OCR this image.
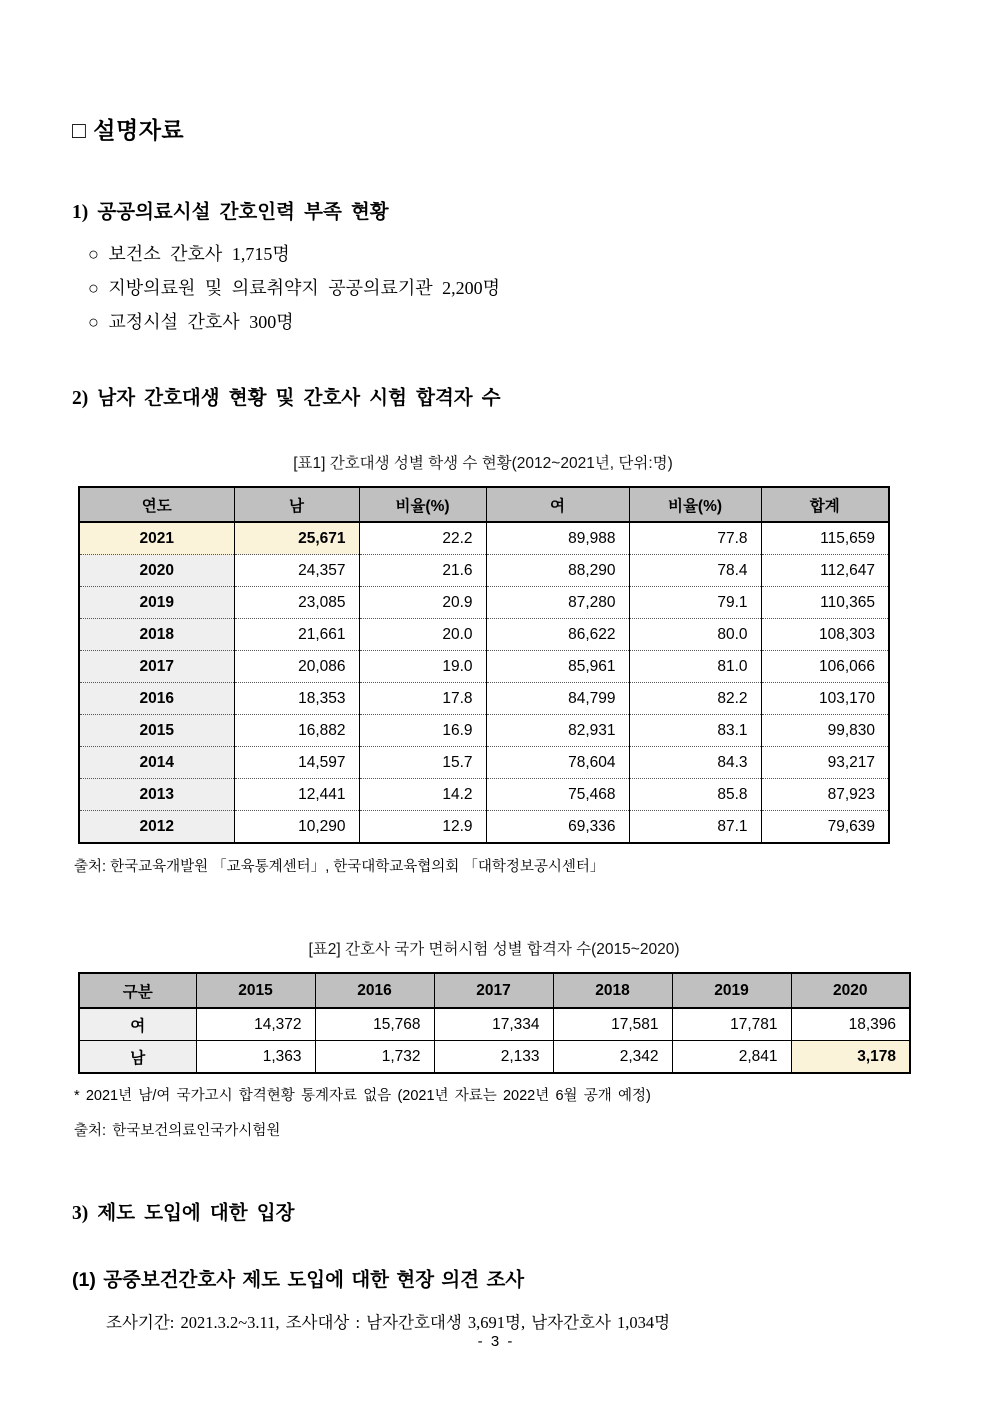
□ 설명자료
1) 공공의료시설 간호인력 부족 현황
○ 보건소 간호사 1,715명
○ 지방의료원 및 의료취약지 공공의료기관 2,200명
○ 교정시설 간호사 300명
2) 남자 간호대생 현황 및 간호사 시험 합격자 수
[표1] 간호대생 성별 학생 수 현황(2012~2021년, 단위:명)
연도	남	비율(%)	여	비율(%)	합계
2021	25,671	22.2	89,988	77.8	115,659
2020	24,357	21.6	88,290	78.4	112,647
2019	23,085	20.9	87,280	79.1	110,365
2018	21,661	20.0	86,622	80.0	108,303
2017	20,086	19.0	85,961	81.0	106,066
2016	18,353	17.8	84,799	82.2	103,170
2015	16,882	16.9	82,931	83.1	99,830
2014	14,597	15.7	78,604	84.3	93,217
2013	12,441	14.2	75,468	85.8	87,923
2012	10,290	12.9	69,336	87.1	79,639
출처: 한국교육개발원 「교육통계센터」, 한국대학교육협의회 「대학정보공시센터」
[표2] 간호사 국가 면허시험 성별 합격자 수(2015~2020)
구분	2015	2016	2017	2018	2019	2020
여	14,372	15,768	17,334	17,581	17,781	18,396
남	1,363	1,732	2,133	2,342	2,841	3,178
* 2021년 남/여 국가고시 합격현황 통계자료 없음 (2021년 자료는 2022년 6월 공개 예정)
출처: 한국보건의료인국가시험원
3) 제도 도입에 대한 입장
(1) 공중보건간호사 제도 도입에 대한 현장 의견 조사
조사기간: 2021.3.2~3.11, 조사대상 : 남자간호대생 3,691명, 남자간호사 1,034명
- 3 -
